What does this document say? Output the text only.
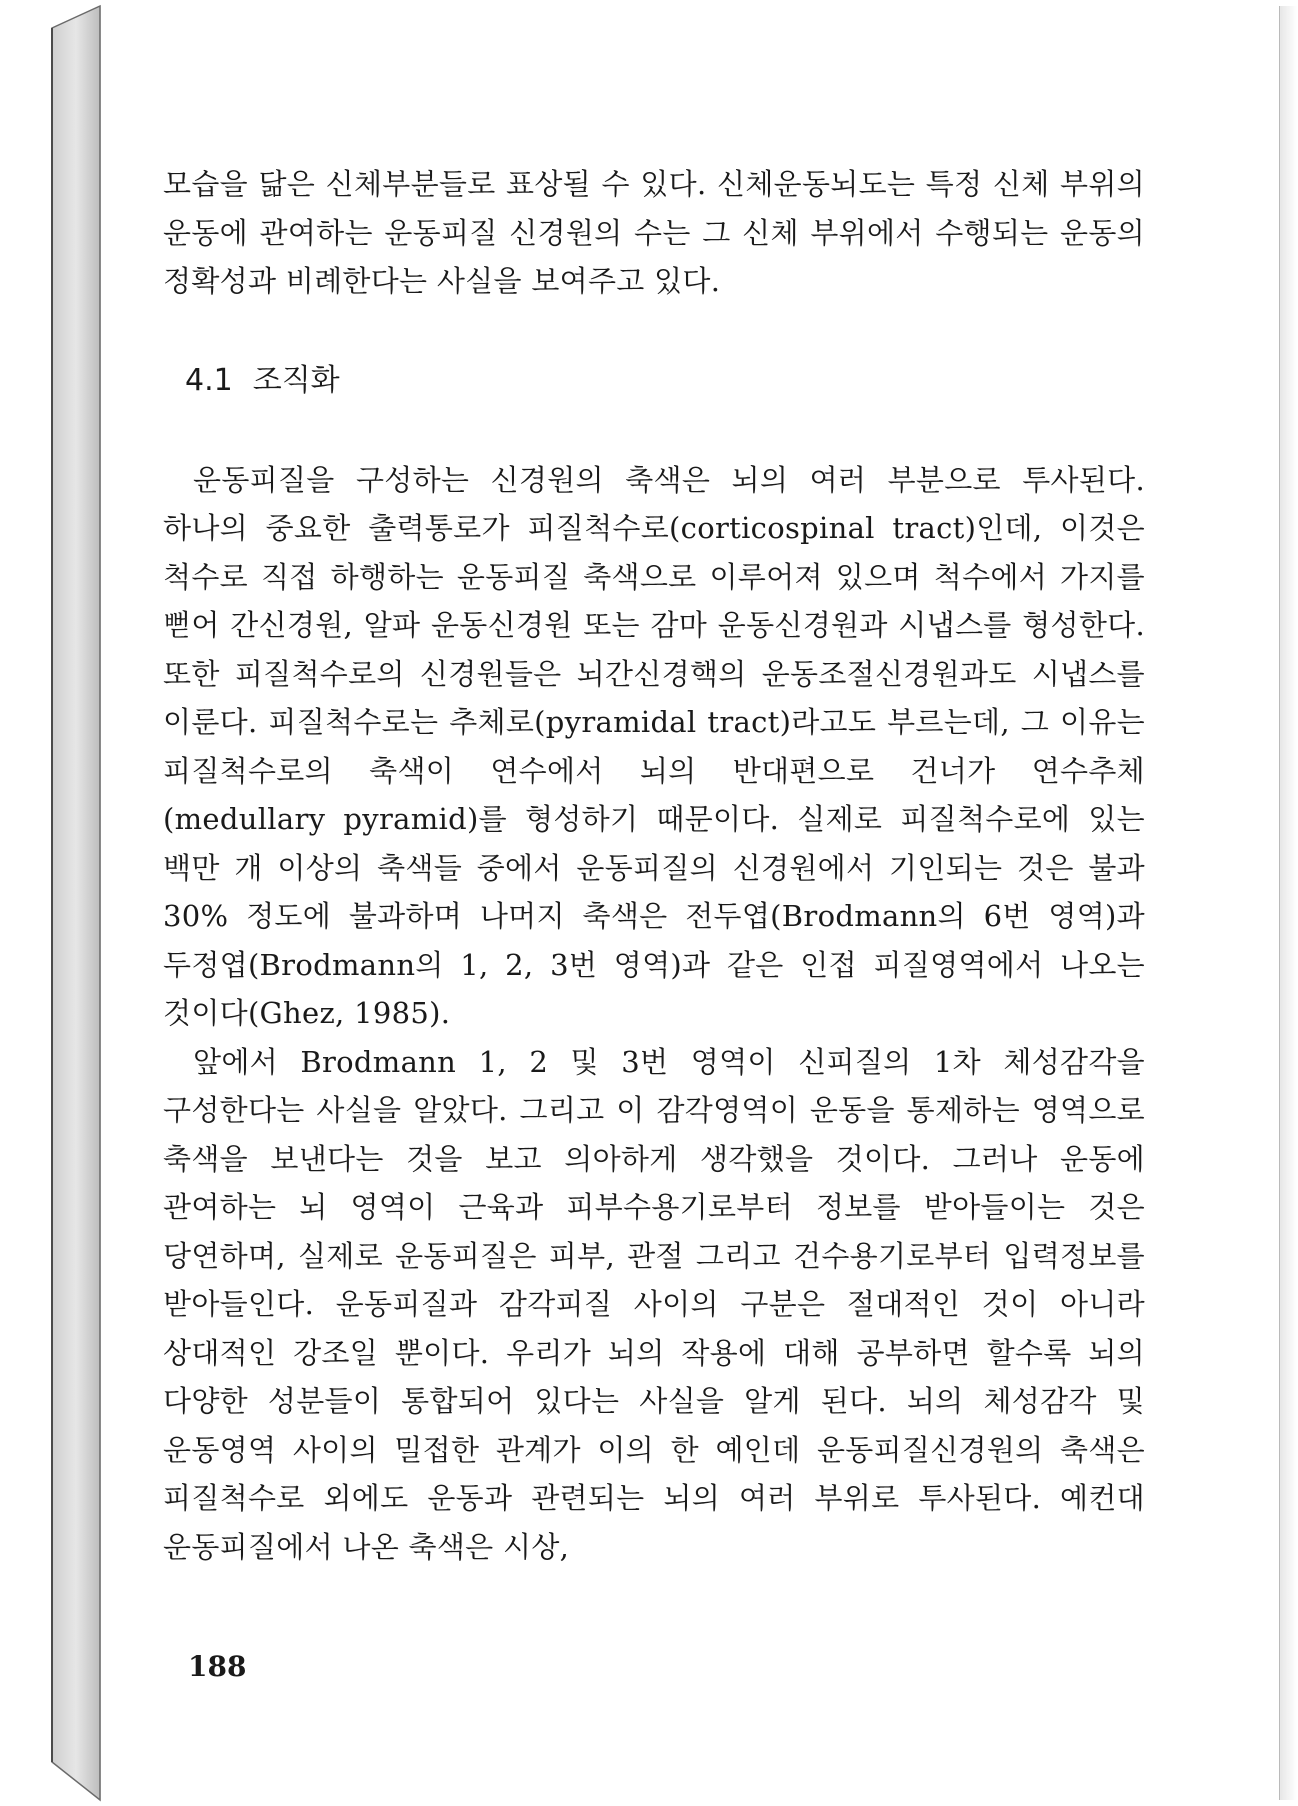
모습을 닮은 신체부분들로 표상될 수 있다. 신체운동뇌도는 특정 신체 부위의 운동에 관여하는 운동피질 신경원의 수는 그 신체 부위에서 수행되는 운동의 정확성과 비례한다는 사실을 보여주고 있다.

4.1 조직화

운동피질을 구성하는 신경원의 축색은 뇌의 여러 부분으로 투사된다. 하나의 중요한 출력통로가 피질척수로(corticospinal tract)인데, 이것은 척수로 직접 하행하는 운동피질 축색으로 이루어져 있으며 척수에서 가지를 뻗어 간신경원, 알파 운동신경원 또는 감마 운동신경원과 시냅스를 형성한다. 또한 피질척수로의 신경원들은 뇌간신경핵의 운동조절신경원과도 시냅스를 이룬다. 피질척수로는 추체로(pyramidal tract)라고도 부르는데, 그 이유는 피질척수로의 축색이 연수에서 뇌의 반대편으로 건너가 연수추체(medullary pyramid)를 형성하기 때문이다. 실제로 피질척수로에 있는 백만 개 이상의 축색들 중에서 운동피질의 신경원에서 기인되는 것은 불과 30% 정도에 불과하며 나머지 축색은 전두엽(Brodmann의 6번 영역)과 두정엽(Brodmann의 1, 2, 3번 영역)과 같은 인접 피질영역에서 나오는 것이다(Ghez, 1985).

앞에서 Brodmann 1, 2 및 3번 영역이 신피질의 1차 체성감각을 구성한다는 사실을 알았다. 그리고 이 감각영역이 운동을 통제하는 영역으로 축색을 보낸다는 것을 보고 의아하게 생각했을 것이다. 그러나 운동에 관여하는 뇌 영역이 근육과 피부수용기로부터 정보를 받아들이는 것은 당연하며, 실제로 운동피질은 피부, 관절 그리고 건수용기로부터 입력정보를 받아들인다. 운동피질과 감각피질 사이의 구분은 절대적인 것이 아니라 상대적인 강조일 뿐이다. 우리가 뇌의 작용에 대해 공부하면 할수록 뇌의 다양한 성분들이 통합되어 있다는 사실을 알게 된다. 뇌의 체성감각 및 운동영역 사이의 밀접한 관계가 이의 한 예인데 운동피질신경원의 축색은 피질척수로 외에도 운동과 관련되는 뇌의 여러 부위로 투사된다. 예컨대 운동피질에서 나온 축색은 시상,

188
